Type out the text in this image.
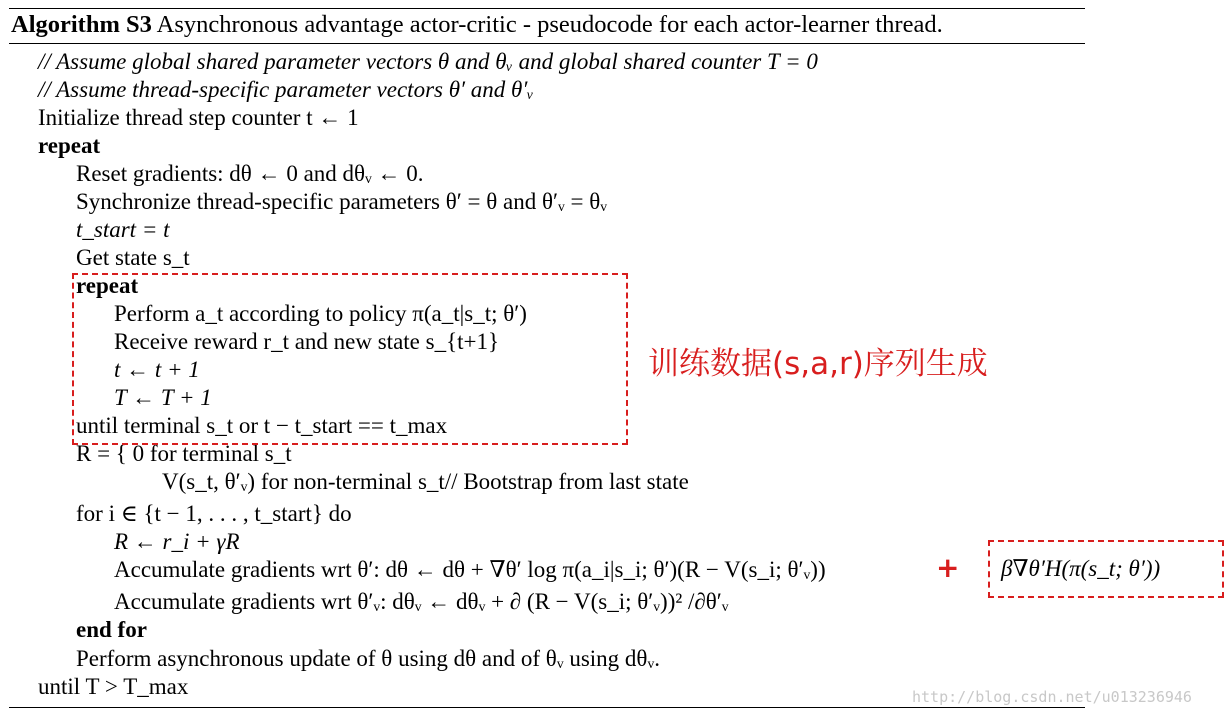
Algorithm S3 Asynchronous advantage actor-critic - pseudocode for each actor-learner thread.
// Assume global shared parameter vectors θ and θᵥ and global shared counter T = 0
// Assume thread-specific parameter vectors θ′ and θ′ᵥ
Initialize thread step counter t ← 1
repeat
Reset gradients: dθ ← 0 and dθᵥ ← 0.
Synchronize thread-specific parameters θ′ = θ and θ′ᵥ = θᵥ
t_start = t
Get state s_t
repeat
Perform a_t according to policy π(a_t|s_t; θ′)
Receive reward r_t and new state s_{t+1}
t ← t + 1
T ← T + 1
until terminal s_t or t − t_start == t_max
R = { 0 for terminal s_t
V(s_t, θ′ᵥ) for non-terminal s_t// Bootstrap from last state
for i ∈ {t − 1, . . . , t_start} do
R ← r_i + γR
Accumulate gradients wrt θ′: dθ ← dθ + ∇θ′ log π(a_i|s_i; θ′)(R − V(s_i; θ′ᵥ))
Accumulate gradients wrt θ′ᵥ: dθᵥ ← dθᵥ + ∂ (R − V(s_i; θ′ᵥ))² /∂θ′ᵥ
end for
Perform asynchronous update of θ using dθ and of θᵥ using dθᵥ.
until T > T_max
训练数据(s,a,r)序列生成
+ β∇θ′H(π(s_t; θ′))
http://blog.csdn.net/u013236946
